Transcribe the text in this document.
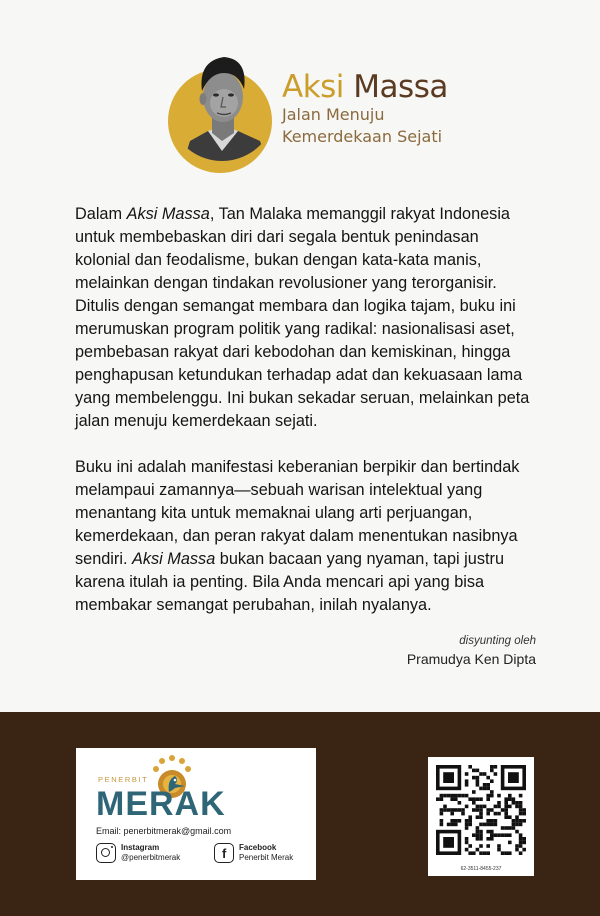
Aksi Massa
Jalan Menuju
Kemerdekaan Sejati

Dalam Aksi Massa, Tan Malaka memanggil rakyat Indonesia untuk membebaskan diri dari segala bentuk penindasan kolonial dan feodalisme, bukan dengan kata-kata manis, melainkan dengan tindakan revolusioner yang terorganisir. Ditulis dengan semangat membara dan logika tajam, buku ini merumuskan program politik yang radikal: nasionalisasi aset, pembebasan rakyat dari kebodohan dan kemiskinan, hingga penghapusan ketundukan terhadap adat dan kekuasaan lama yang membelenggu. Ini bukan sekadar seruan, melainkan peta jalan menuju kemerdekaan sejati.

Buku ini adalah manifestasi keberanian berpikir dan bertindak melampaui zamannya—sebuah warisan intelektual yang menantang kita untuk memaknai ulang arti perjuangan, kemerdekaan, dan peran rakyat dalam menentukan nasibnya sendiri. Aksi Massa bukan bacaan yang nyaman, tapi justru karena itulah ia penting. Bila Anda mencari api yang bisa membakar semangat perubahan, inilah nyalanya.

disyunting oleh
Pramudya Ken Dipta
PENERBIT
MERAK
Email: penerbitmerak@gmail.com
Instagram
@penerbitmerak	f Facebook
Penerbit Merak
62-3511-8455-237
